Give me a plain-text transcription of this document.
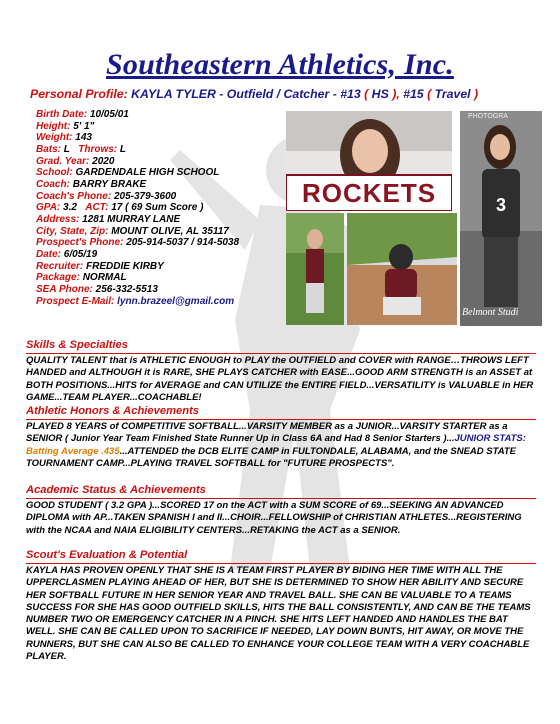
Southeastern Athletics, Inc.
Personal Profile: KAYLA TYLER - Outfield / Catcher - #13 ( HS ), #15 ( Travel )
Birth Date: 10/05/01
Height: 5' 1"
Weight: 143
Bats: L Throws: L
Grad. Year: 2020
School: GARDENDALE HIGH SCHOOL
Coach: BARRY BRAKE
Coach's Phone: 205-379-3600
GPA: 3.2 ACT: 17 ( 69 Sum Score )
Address: 1281 MURRAY LANE
City, State, Zip: MOUNT OLIVE, AL 35117
Prospect's Phone: 205-914-5037 / 914-5038
Date: 6/05/19
Recruiter: FREDDIE KIRBY
Package: NORMAL
SEA Phone: 256-332-5513
Prospect E-Mail: lynn.brazeel@gmail.com
ROCKETS	3
PHOTOGRA
Belmont Studi
Skills & Specialties
QUALITY TALENT that is ATHLETIC ENOUGH to PLAY the OUTFIELD and COVER with RANGE…THROWS LEFT HANDED and ALTHOUGH it is RARE, SHE PLAYS CATCHER with EASE...GOOD ARM STRENGTH is an ASSET at BOTH POSITIONS...HITS for AVERAGE and CAN UTILIZE the ENTIRE FIELD...VERSATILITY is VALUABLE in HER GAME...TEAM PLAYER...COACHABLE!
Athletic Honors & Achievements
PLAYED 8 YEARS of COMPETITIVE SOFTBALL...VARSITY MEMBER as a JUNIOR...VARSITY STARTER as a SENIOR ( Junior Year Team Finished State Runner Up in Class 6A and Had 8 Senior Starters )...JUNIOR STATS: Batting Average .435...ATTENDED the DCB ELITE CAMP in FULTONDALE, ALABAMA, and the SNEAD STATE TOURNAMENT CAMP...PLAYING TRAVEL SOFTBALL for "FUTURE PROSPECTS".
Academic Status & Achievements
GOOD STUDENT ( 3.2 GPA )...SCORED 17 on the ACT with a SUM SCORE of 69...SEEKING AN ADVANCED DIPLOMA with AP...TAKEN SPANISH I and II...CHOIR...FELLOWSHIP of CHRISTIAN ATHLETES...REGISTERING with the NCAA and NAIA ELIGIBILITY CENTERS...RETAKING the ACT as a SENIOR.
Scout's Evaluation & Potential
KAYLA HAS PROVEN OPENLY THAT SHE IS A TEAM FIRST PLAYER BY BIDING HER TIME WITH ALL THE UPPERCLASMEN PLAYING AHEAD OF HER, BUT SHE IS DETERMINED TO SHOW HER ABILITY AND SECURE HER SOFTBALL FUTURE IN HER SENIOR YEAR AND TRAVEL BALL. SHE CAN BE VALUABLE TO A TEAMS SUCCESS FOR SHE HAS GOOD OUTFIELD SKILLS, HITS THE BALL CONSISTENTLY, AND CAN BE THE TEAMS NUMBER TWO OR EMERGENCY CATCHER IN A PINCH. SHE HITS LEFT HANDED AND HANDLES THE BAT WELL. SHE CAN BE CALLED UPON TO SACRIFICE IF NEEDED, LAY DOWN BUNTS, HIT AWAY, OR MOVE THE RUNNERS, BUT SHE CAN ALSO BE CALLED TO ENHANCE YOUR COLLEGE TEAM WITH A VERY COACHABLE PLAYER.
